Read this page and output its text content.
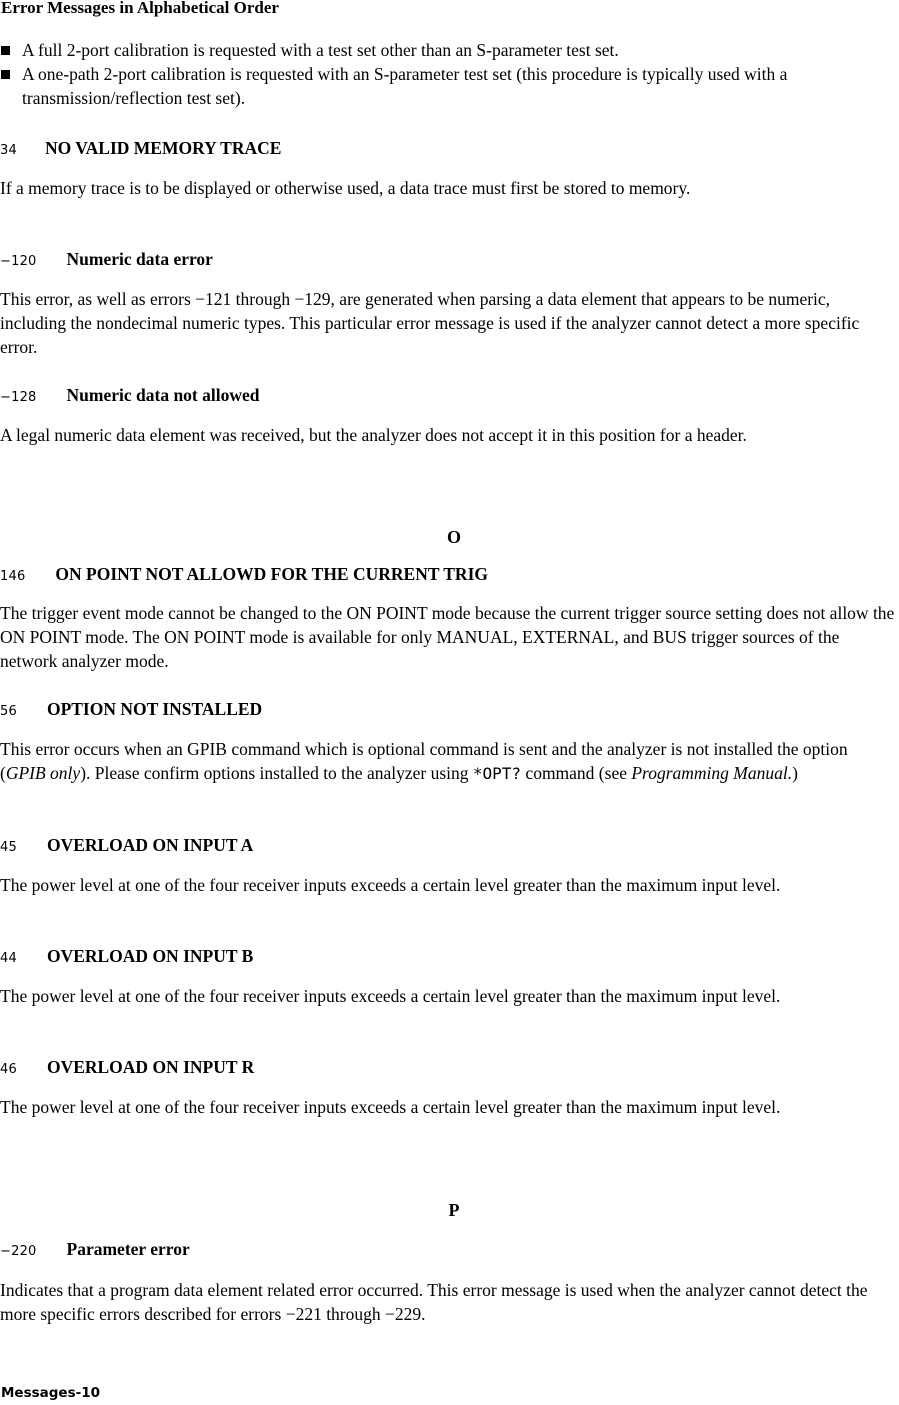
Error Messages in Alphabetical Order
A full 2-port calibration is requested with a test set other than an S-parameter test set.
A one-path 2-port calibration is requested with an S-parameter test set (this procedure is typically used with a transmission/reflection test set).
34 NO VALID MEMORY TRACE
If a memory trace is to be displayed or otherwise used, a data trace must first be stored to memory.
−120 Numeric data error
This error, as well as errors −121 through −129, are generated when parsing a data element that appears to be numeric, including the nondecimal numeric types. This particular error message is used if the analyzer cannot detect a more specific error.
−128 Numeric data not allowed
A legal numeric data element was received, but the analyzer does not accept it in this position for a header.
O
146 ON POINT NOT ALLOWD FOR THE CURRENT TRIG
The trigger event mode cannot be changed to the ON POINT mode because the current trigger source setting does not allow the ON POINT mode. The ON POINT mode is available for only MANUAL, EXTERNAL, and BUS trigger sources of the network analyzer mode.
56 OPTION NOT INSTALLED
This error occurs when an GPIB command which is optional command is sent and the analyzer is not installed the option (GPIB only). Please confirm options installed to the analyzer using *OPT? command (see Programming Manual.)
45 OVERLOAD ON INPUT A
The power level at one of the four receiver inputs exceeds a certain level greater than the maximum input level.
44 OVERLOAD ON INPUT B
The power level at one of the four receiver inputs exceeds a certain level greater than the maximum input level.
46 OVERLOAD ON INPUT R
The power level at one of the four receiver inputs exceeds a certain level greater than the maximum input level.
P
−220 Parameter error
Indicates that a program data element related error occurred. This error message is used when the analyzer cannot detect the more specific errors described for errors −221 through −229.
Messages-10
